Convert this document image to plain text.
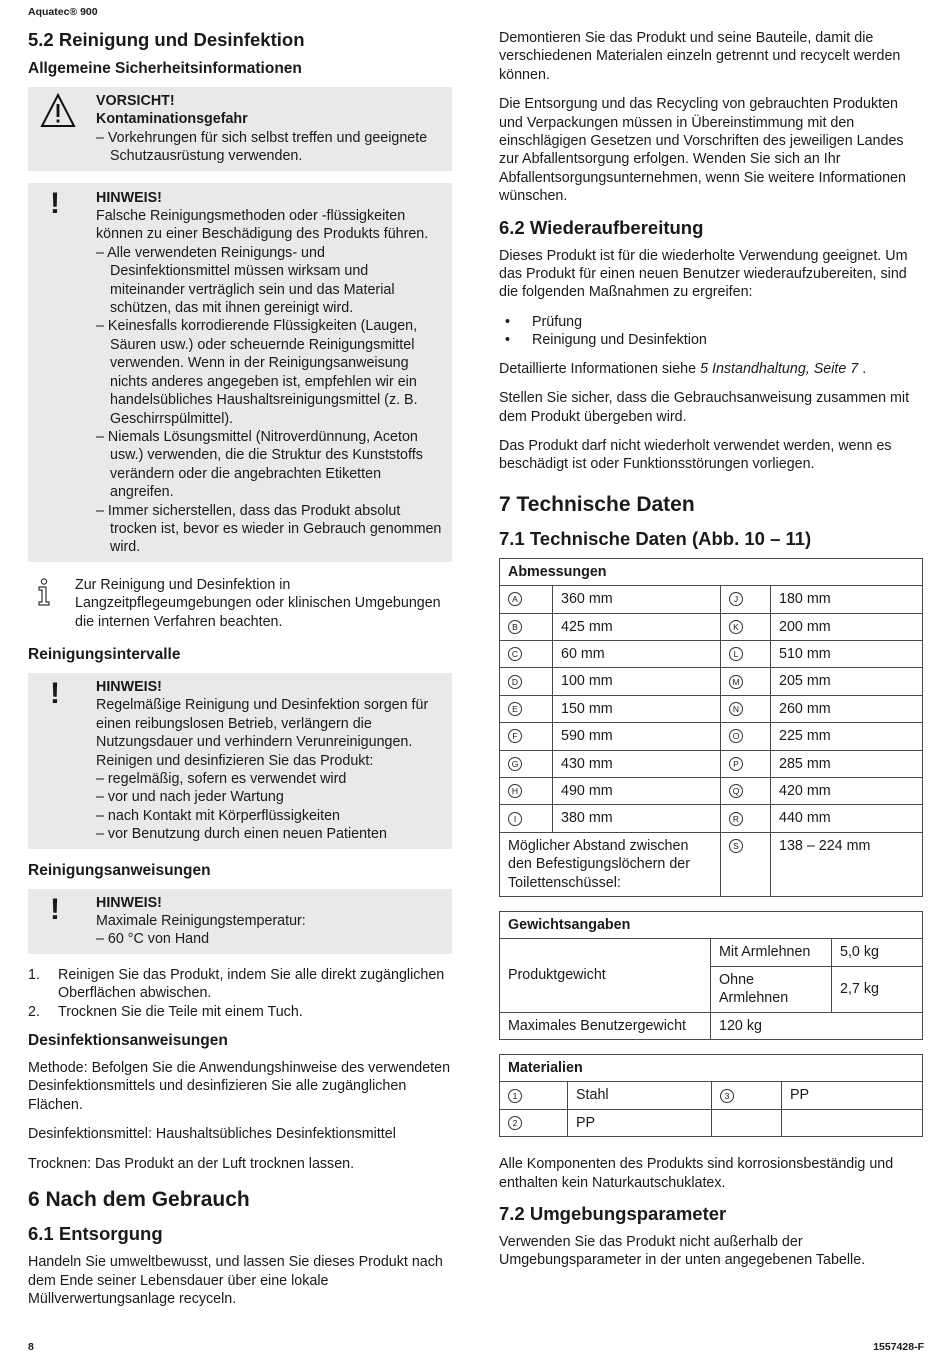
Aquatec® 900
5.2 Reinigung und Desinfektion
Allgemeine Sicherheitsinformationen
VORSICHT!
Kontaminationsgefahr
– Vorkehrungen für sich selbst treffen und geeignete Schutzausrüstung verwenden.
!	HINWEIS!
Falsche Reinigungsmethoden oder -flüssigkeiten können zu einer Beschädigung des Produkts führen.
– Alle verwendeten Reinigungs- und Desinfektionsmittel müssen wirksam und miteinander verträglich sein und das Material schützen, das mit ihnen gereinigt wird.
– Keinesfalls korrodierende Flüssigkeiten (Laugen, Säuren usw.) oder scheuernde Reinigungsmittel verwenden. Wenn in der Reinigungsanweisung nichts anderes angegeben ist, empfehlen wir ein handelsübliches Haushaltsreinigungsmittel (z. B. Geschirrspülmittel).
– Niemals Lösungsmittel (Nitroverdünnung, Aceton usw.) verwenden, die die Struktur des Kunststoffs verändern oder die angebrachten Etiketten angreifen.
– Immer sicherstellen, dass das Produkt absolut trocken ist, bevor es wieder in Gebrauch genommen wird.
Zur Reinigung und Desinfektion in Langzeitpflegeumgebungen oder klinischen Umgebungen die internen Verfahren beachten.
Reinigungsintervalle
!	HINWEIS!
Regelmäßige Reinigung und Desinfektion sorgen für einen reibungslosen Betrieb, verlängern die Nutzungsdauer und verhindern Verunreinigungen.
Reinigen und desinfizieren Sie das Produkt:
– regelmäßig, sofern es verwendet wird
– vor und nach jeder Wartung
– nach Kontakt mit Körperflüssigkeiten
– vor Benutzung durch einen neuen Patienten
Reinigungsanweisungen
!	HINWEIS!
Maximale Reinigungstemperatur:
– 60 °C von Hand
1. Reinigen Sie das Produkt, indem Sie alle direkt zugänglichen Oberflächen abwischen.
2. Trocknen Sie die Teile mit einem Tuch.
Desinfektionsanweisungen

Methode: Befolgen Sie die Anwendungshinweise des verwendeten Desinfektionsmittels und desinfizieren Sie alle zugänglichen Flächen.

Desinfektionsmittel: Haushaltsübliches Desinfektionsmittel

Trocknen: Das Produkt an der Luft trocknen lassen.

6 Nach dem Gebrauch
6.1 Entsorgung

Handeln Sie umweltbewusst, und lassen Sie dieses Produkt nach dem Ende seiner Lebensdauer über eine lokale Müllverwertungsanlage recyceln.

Demontieren Sie das Produkt und seine Bauteile, damit die verschiedenen Materialen einzeln getrennt und recycelt werden können.

Die Entsorgung und das Recycling von gebrauchten Produkten und Verpackungen müssen in Übereinstimmung mit den einschlägigen Gesetzen und Vorschriften des jeweiligen Landes zur Abfallentsorgung erfolgen. Wenden Sie sich an Ihr Abfallentsorgungsunternehmen, wenn Sie weitere Informationen wünschen.

6.2 Wiederaufbereitung

Dieses Produkt ist für die wiederholte Verwendung geeignet. Um das Produkt für einen neuen Benutzer wiederaufzubereiten, sind die folgenden Maßnahmen zu ergreifen:

• Prüfung
• Reinigung und Desinfektion

Detaillierte Informationen siehe 5 Instandhaltung, Seite 7 .

Stellen Sie sicher, dass die Gebrauchsanweisung zusammen mit dem Produkt übergeben wird.

Das Produkt darf nicht wiederholt verwendet werden, wenn es beschädigt ist oder Funktionsstörungen vorliegen.

7 Technische Daten
7.1 Technische Daten (Abb. 10 – 11)
Abmessungen			
A	360 mm	J	180 mm
B	425 mm	K	200 mm
C	60 mm	L	510 mm
D	100 mm	M	205 mm
E	150 mm	N	260 mm
F	590 mm	O	225 mm
G	430 mm	P	285 mm
H	490 mm	Q	420 mm
I	380 mm	R	440 mm
Möglicher Abstand zwischen den Befestigungslöchern der Toilettenschüssel:		S	138 – 224 mm
Gewichtsangaben		
Produktgewicht	Mit Armlehnen	5,0 kg
	Ohne Armlehnen	2,7 kg
Maximales Benutzergewicht	120 kg	
Materialien			
1	Stahl	3	PP
2	PP		

Alle Komponenten des Produkts sind korrosionsbeständig und enthalten kein Naturkautschuklatex.

7.2 Umgebungsparameter

Verwenden Sie das Produkt nicht außerhalb der Umgebungsparameter in der unten angegebenen Tabelle.

8	1557428-F
